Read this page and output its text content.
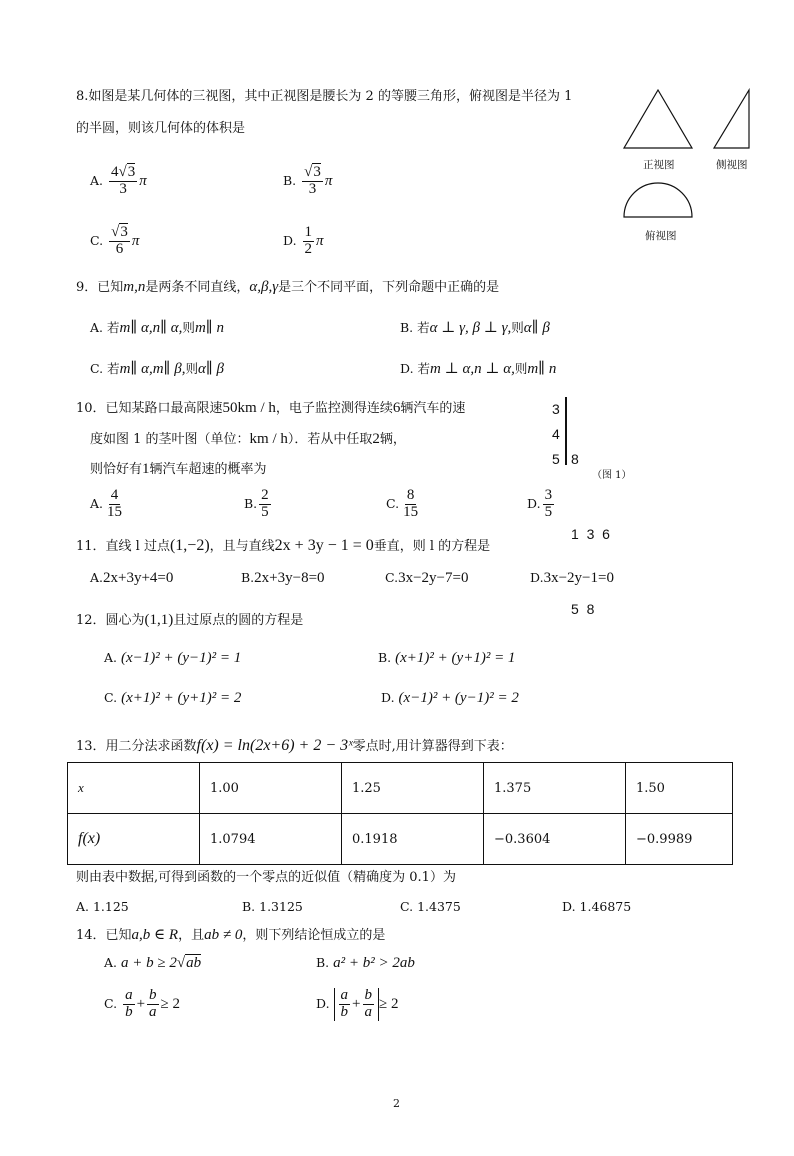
8.如图是某几何体的三视图，其中正视图是腰长为 2 的等腰三角形，俯视图是半径为 1
的半圆，则该几何体的体积是
A. $\frac{4√3}{3}$ π	B. $\frac{√3}{3}$ π
C. $\frac{√3}{6}$ π	D. $\frac{1}{2}$ π
正视图	侧视图
俯视图
9．已知m,n是两条不同直线，α,β,γ是三个不同平面，下列命题中正确的是
A. 若m∥ α,n∥ α,则m∥ n	B. 若α ⊥ γ, β ⊥ γ,则α∥ β
C. 若m∥ α,m∥ β,则α∥ β	D. 若m ⊥ α,n ⊥ α,则m∥ n
10．已知某路口最高限速50km / h，电子监控测得连续6辆汽车的速
度如图 1 的茎叶图（单位：km / h）．若从中任取2辆，
则恰好有1辆汽车超速的概率为
3
4
5

8

1  3  6

5  8

（图 1）
A. $\frac{4}{15}$	B. $\frac{2}{5}$	C. $\frac{8}{15}$	D. $\frac{3}{5}$
11．直线 l 过点(1,−2)，且与直线2x + 3y − 1 = 0垂直，则 l 的方程是
A.2x+3y+4=0	B.2x+3y−8=0	C.3x−2y−7=0	D.3x−2y−1=0
12．圆心为(1,1)且过原点的圆的方程是
A. (x−1)² + (y−1)² = 1	B. (x+1)² + (y+1)² = 1
C. (x+1)² + (y+1)² = 2	D. (x−1)² + (y−1)² = 2
13．用二分法求函数f(x) = ln(2x+6) + 2 − 3ˣ零点时,用计算器得到下表：
x	1.00	1.25	1.375	1.50
f(x)	1.0794	0.1918	−0.3604	−0.9989
则由表中数据,可得到函数的一个零点的近似值（精确度为 0.1）为
A. 1.125	B. 1.3125	C. 1.4375	D. 1.46875
14．已知a,b ∈ R，且ab ≠ 0，则下列结论恒成立的是
A. a + b ≥ 2√ab	B. a² + b² > 2ab
C. $\frac{a}{b} + \frac{b}{a} \ge 2$	D. $\frac{a}{b} + \frac{b}{a} \ge 2$
2
